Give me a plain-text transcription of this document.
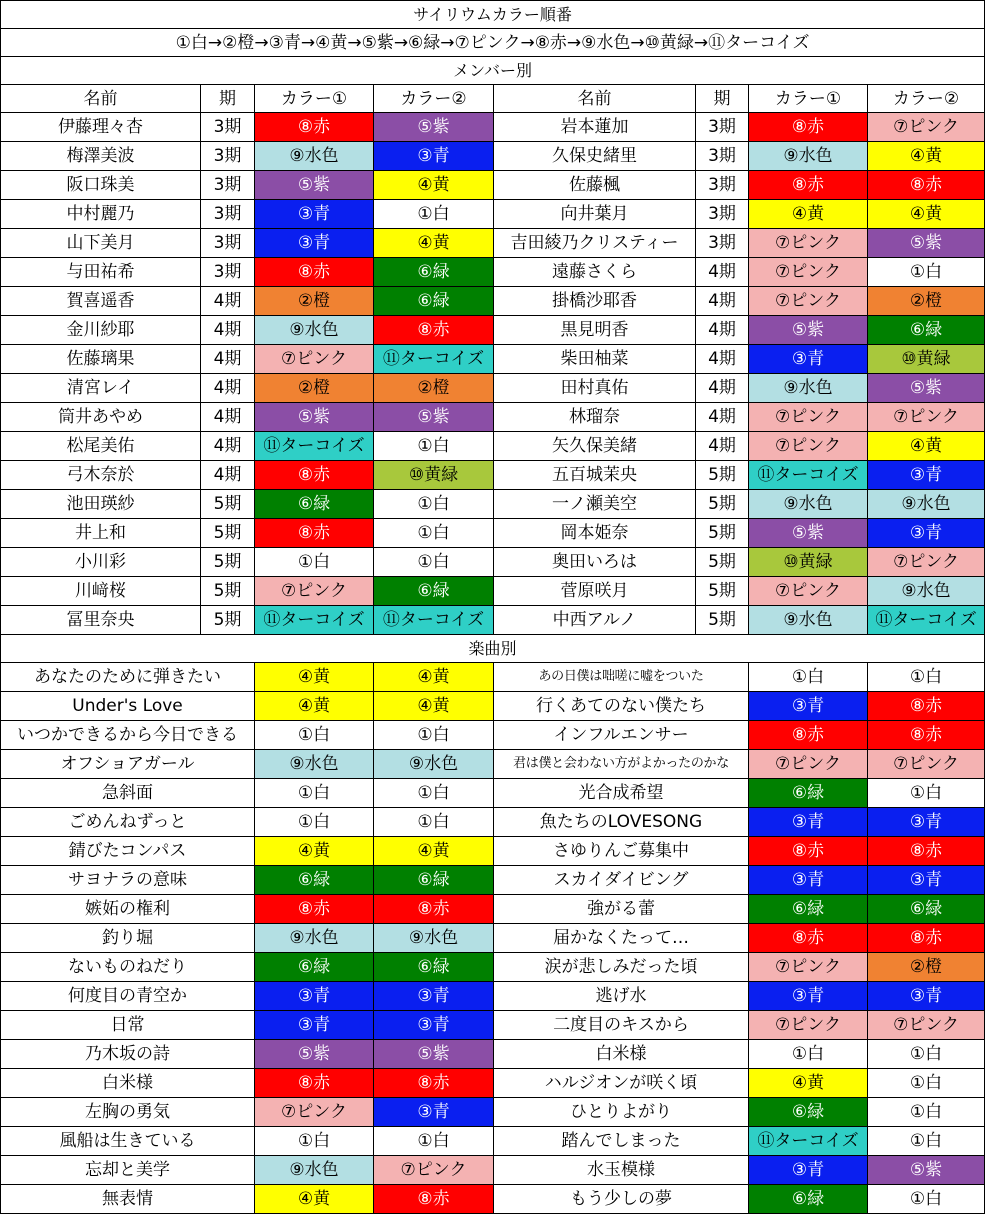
サイリウムカラー順番							
①白→②橙→③青→④黄→⑤紫→⑥緑→⑦ピンク→⑧赤→⑨水色→⑩黄緑→⑪ターコイズ							
メンバー別							
名前	期	カラー①	カラー②	名前	期	カラー①	カラー②
伊藤理々杏	3期	⑧赤	⑤紫	岩本蓮加	3期	⑧赤	⑦ピンク
梅澤美波	3期	⑨水色	③青	久保史緒里	3期	⑨水色	④黄
阪口珠美	3期	⑤紫	④黄	佐藤楓	3期	⑧赤	⑧赤
中村麗乃	3期	③青	①白	向井葉月	3期	④黄	④黄
山下美月	3期	③青	④黄	吉田綾乃クリスティー	3期	⑦ピンク	⑤紫
与田祐希	3期	⑧赤	⑥緑	遠藤さくら	4期	⑦ピンク	①白
賀喜遥香	4期	②橙	⑥緑	掛橋沙耶香	4期	⑦ピンク	②橙
金川紗耶	4期	⑨水色	⑧赤	黒見明香	4期	⑤紫	⑥緑
佐藤璃果	4期	⑦ピンク	⑪ターコイズ	柴田柚菜	4期	③青	⑩黄緑
清宮レイ	4期	②橙	②橙	田村真佑	4期	⑨水色	⑤紫
筒井あやめ	4期	⑤紫	⑤紫	林瑠奈	4期	⑦ピンク	⑦ピンク
松尾美佑	4期	⑪ターコイズ	①白	矢久保美緒	4期	⑦ピンク	④黄
弓木奈於	4期	⑧赤	⑩黄緑	五百城茉央	5期	⑪ターコイズ	③青
池田瑛紗	5期	⑥緑	①白	一ノ瀬美空	5期	⑨水色	⑨水色
井上和	5期	⑧赤	①白	岡本姫奈	5期	⑤紫	③青
小川彩	5期	①白	①白	奥田いろは	5期	⑩黄緑	⑦ピンク
川﨑桜	5期	⑦ピンク	⑥緑	菅原咲月	5期	⑦ピンク	⑨水色
冨里奈央	5期	⑪ターコイズ	⑪ターコイズ	中西アルノ	5期	⑨水色	⑪ターコイズ
楽曲別							
あなたのために弾きたい		④黄	④黄	あの日僕は咄嗟に嘘をついた		①白	①白
Under's Love		④黄	④黄	行くあてのない僕たち		③青	⑧赤
いつかできるから今日できる		①白	①白	インフルエンサー		⑧赤	⑧赤
オフショアガール		⑨水色	⑨水色	君は僕と会わない方がよかったのかな		⑦ピンク	⑦ピンク
急斜面		①白	①白	光合成希望		⑥緑	①白
ごめんねずっと		①白	①白	魚たちのLOVESONG		③青	③青
錆びたコンパス		④黄	④黄	さゆりんご募集中		⑧赤	⑧赤
サヨナラの意味		⑥緑	⑥緑	スカイダイビング		③青	③青
嫉妬の権利		⑧赤	⑧赤	強がる蕾		⑥緑	⑥緑
釣り堀		⑨水色	⑨水色	届かなくたって…		⑧赤	⑧赤
ないものねだり		⑥緑	⑥緑	涙が悲しみだった頃		⑦ピンク	②橙
何度目の青空か		③青	③青	逃げ水		③青	③青
日常		③青	③青	二度目のキスから		⑦ピンク	⑦ピンク
乃木坂の詩		⑤紫	⑤紫	白米様		①白	①白
白米様		⑧赤	⑧赤	ハルジオンが咲く頃		④黄	①白
左胸の勇気		⑦ピンク	③青	ひとりよがり		⑥緑	①白
風船は生きている		①白	①白	踏んでしまった		⑪ターコイズ	①白
忘却と美学		⑨水色	⑦ピンク	水玉模様		③青	⑤紫
無表情		④黄	⑧赤	もう少しの夢		⑥緑	①白
